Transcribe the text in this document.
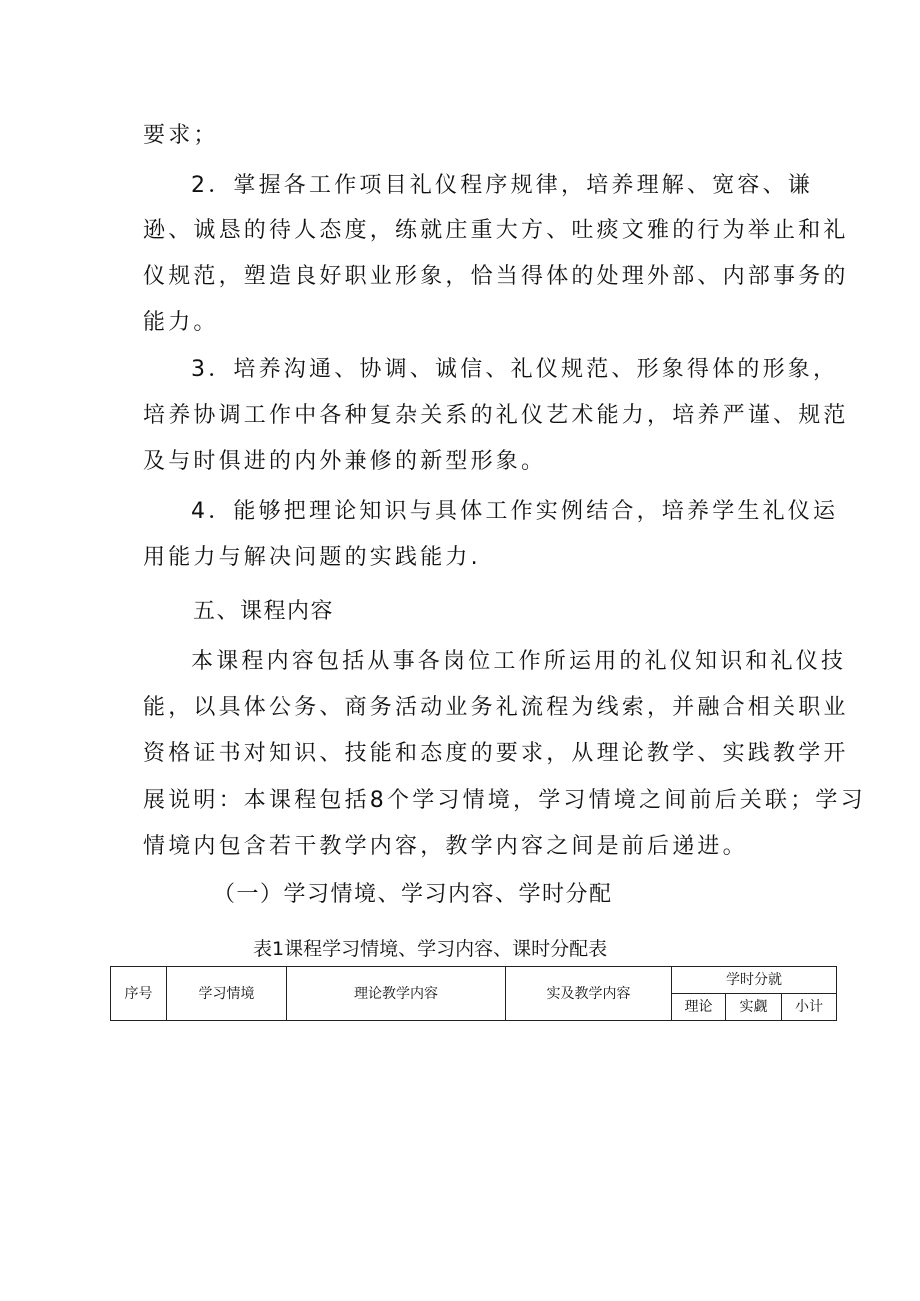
要求；
2．掌握各工作项目礼仪程序规律，培养理解、宽容、谦
逊、诚恳的待人态度，练就庄重大方、吐痰文雅的行为举止和礼
仪规范，塑造良好职业形象，恰当得体的处理外部、内部事务的
能力。
3．培养沟通、协调、诚信、礼仪规范、形象得体的形象，
培养协调工作中各种复杂关系的礼仪艺术能力，培养严谨、规范
及与时俱进的内外兼修的新型形象。
4．能够把理论知识与具体工作实例结合，培养学生礼仪运
用能力与解决问题的实践能力.
五、课程内容
本课程内容包括从事各岗位工作所运用的礼仪知识和礼仪技
能，以具体公务、商务活动业务礼流程为线索，并融合相关职业
资格证书对知识、技能和态度的要求，从理论教学、实践教学开
展说明：本课程包括8个学习情境，学习情境之间前后关联；学习
情境内包含若干教学内容，教学内容之间是前后递进。
（一）学习情境、学习内容、学时分配
表1课程学习情境、学习内容、课时分配表
序号	学习情境	理论教学内容	实及教学内容	学时分就		
				理论	实觑	小计
